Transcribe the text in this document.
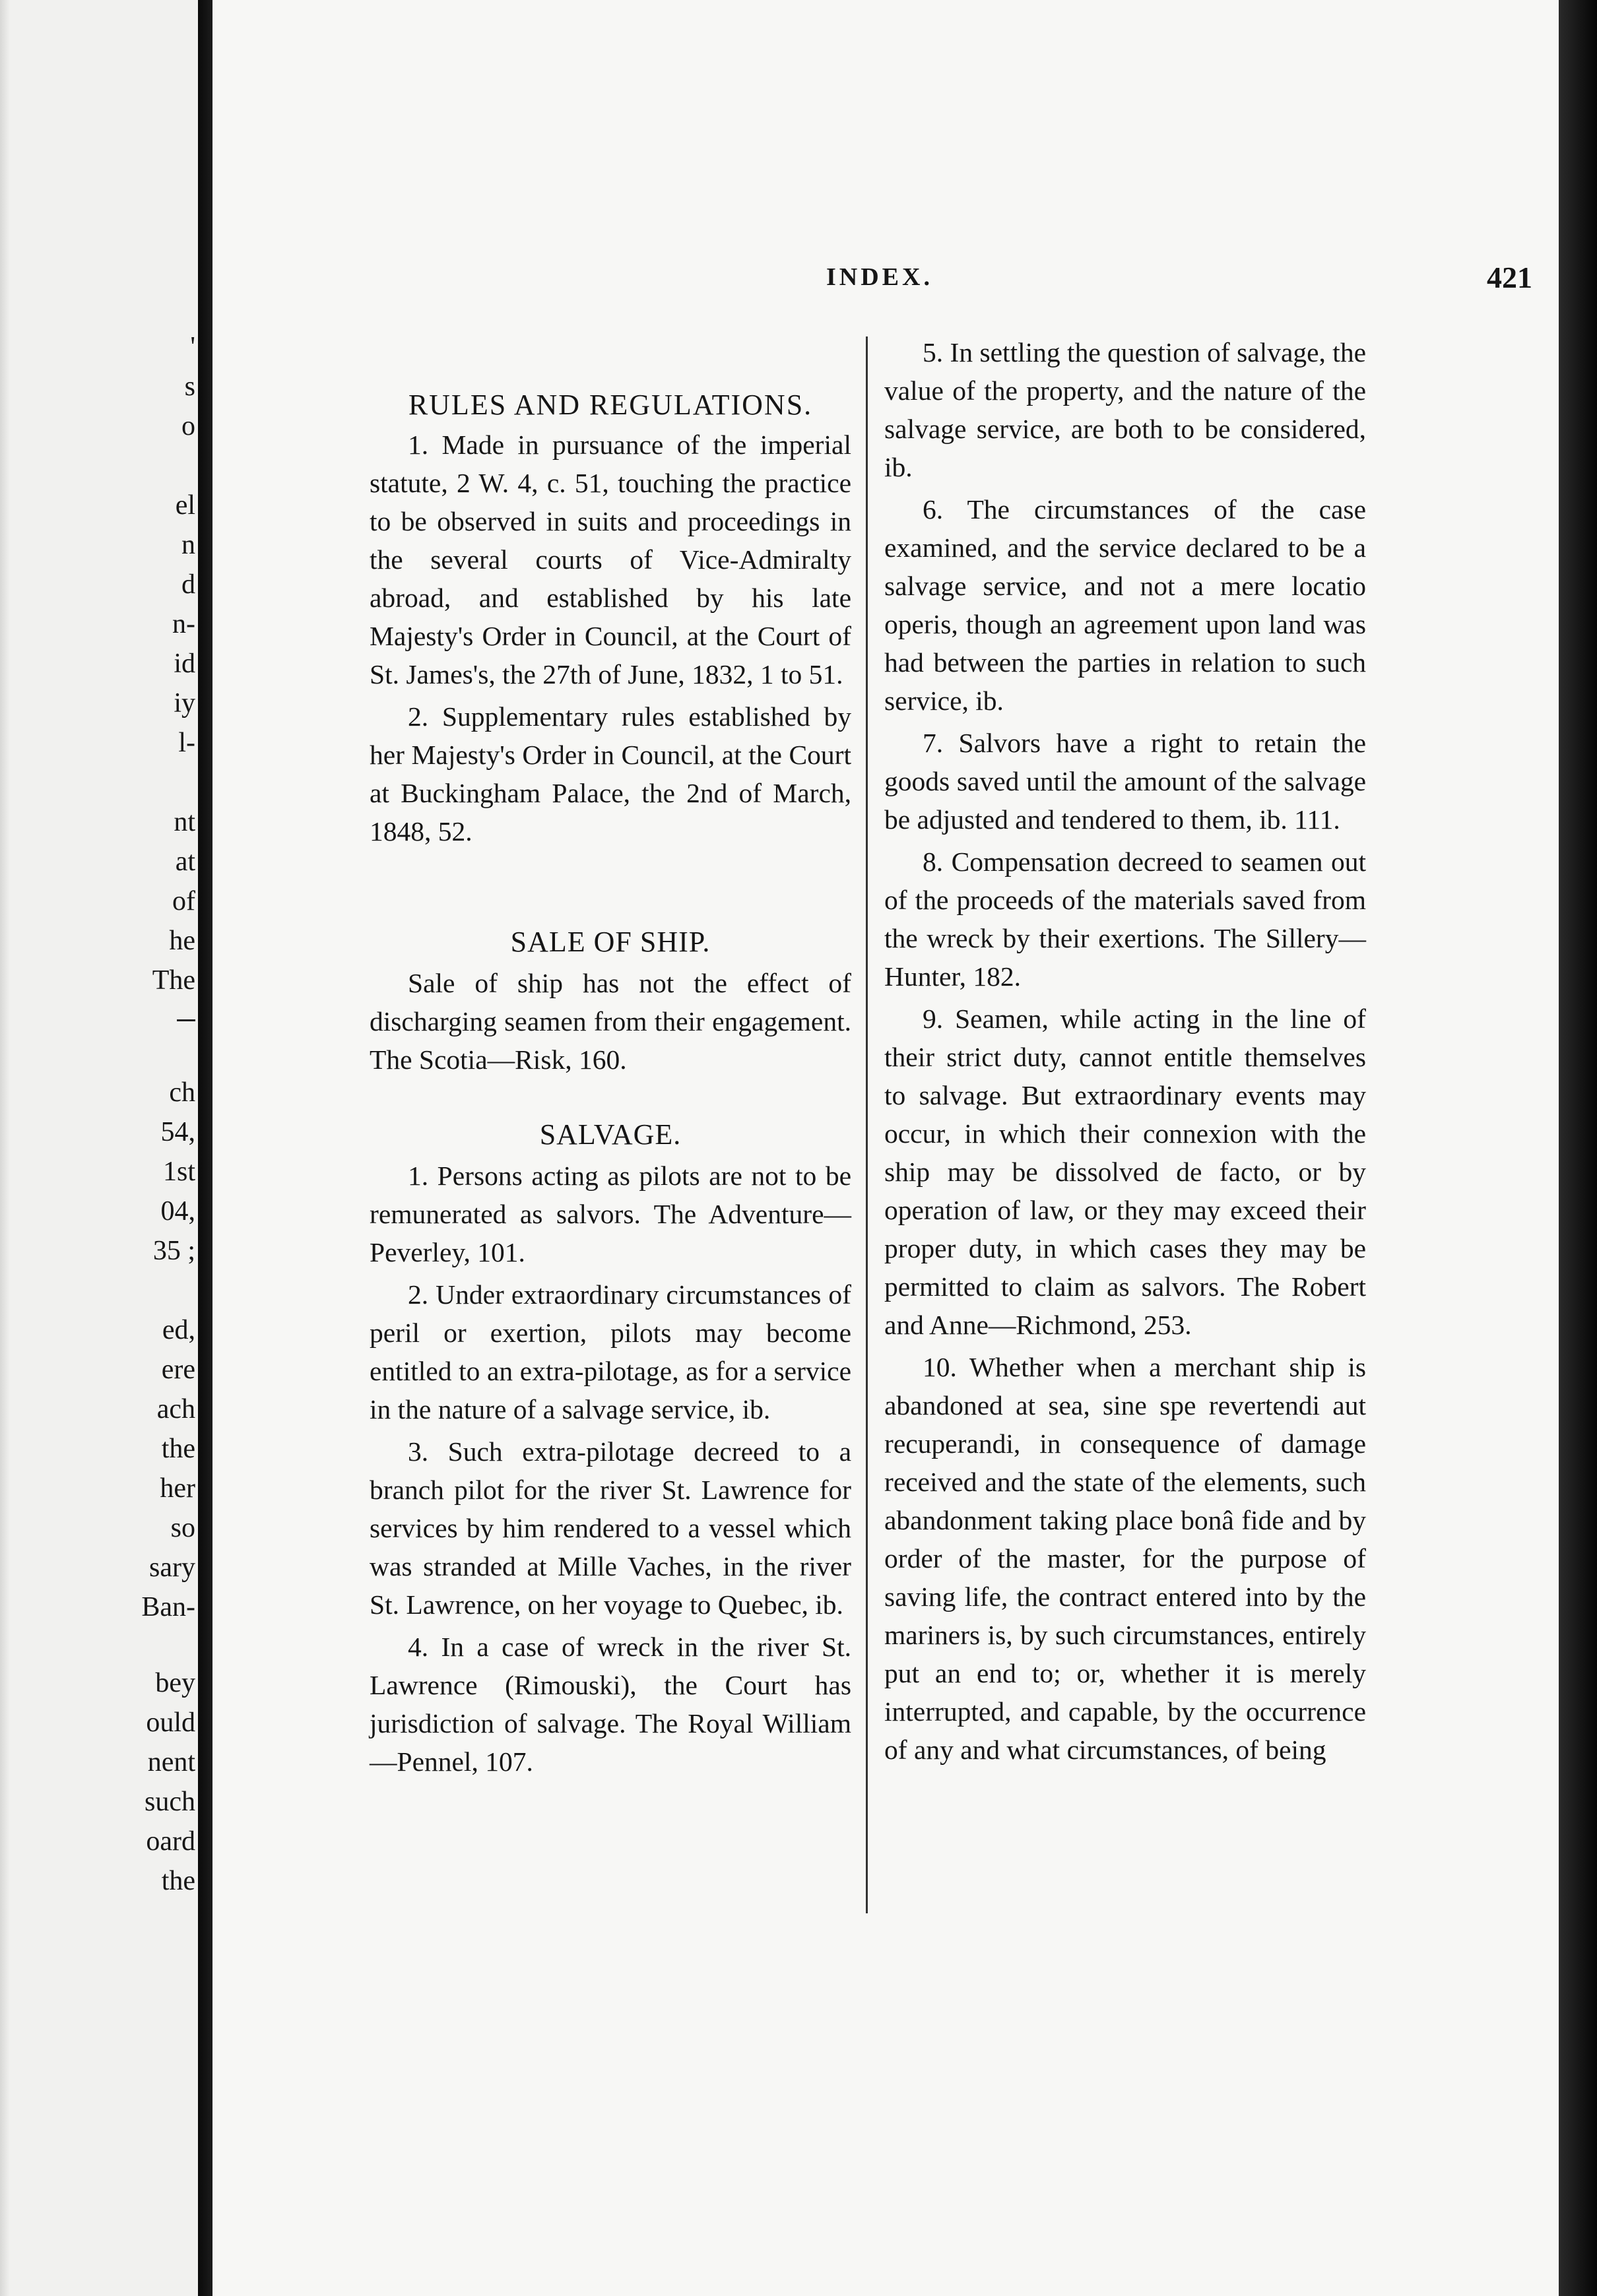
'
s
o
el
n
d
n-
id
iy
l-
nt
at
of
he
The
ch
54,
1st
04,
35 ;
ed,
ere
ach
the
her
so
sary
Ban-
bey
ould
nent
such
oard
the
INDEX.	421
RULES AND REGULATIONS.

1. Made in pursuance of the imperial statute, 2 W. 4, c. 51, touching the practice to be observed in suits and proceedings in the several courts of Vice-Admiralty abroad, and established by his late Majesty's Order in Council, at the Court of St. James's, the 27th of June, 1832, 1 to 51.

2. Supplementary rules established by her Majesty's Order in Council, at the Court at Buckingham Palace, the 2nd of March, 1848, 52.

SALE OF SHIP.

Sale of ship has not the effect of discharging seamen from their engagement. The Scotia—Risk, 160.

SALVAGE.

1. Persons acting as pilots are not to be remunerated as salvors. The Adventure—Peverley, 101.

2. Under extraordinary circumstances of peril or exertion, pilots may become entitled to an extra-pilotage, as for a service in the nature of a salvage service, ib.

3. Such extra-pilotage decreed to a branch pilot for the river St. Lawrence for services by him rendered to a vessel which was stranded at Mille Vaches, in the river St. Lawrence, on her voyage to Quebec, ib.

4. In a case of wreck in the river St. Lawrence (Rimouski), the Court has jurisdiction of salvage. The Royal William—Pennel, 107.

5. In settling the question of salvage, the value of the property, and the nature of the salvage service, are both to be considered, ib.

6. The circumstances of the case examined, and the service declared to be a salvage service, and not a mere locatio operis, though an agreement upon land was had between the parties in relation to such service, ib.

7. Salvors have a right to retain the goods saved until the amount of the salvage be adjusted and tendered to them, ib. 111.

8. Compensation decreed to seamen out of the proceeds of the materials saved from the wreck by their exertions. The Sillery—Hunter, 182.

9. Seamen, while acting in the line of their strict duty, cannot entitle themselves to salvage. But extraordinary events may occur, in which their connexion with the ship may be dissolved de facto, or by operation of law, or they may exceed their proper duty, in which cases they may be permitted to claim as salvors. The Robert and Anne—Richmond, 253.

10. Whether when a merchant ship is abandoned at sea, sine spe revertendi aut recuperandi, in consequence of damage received and the state of the elements, such abandonment taking place bonâ fide and by order of the master, for the purpose of saving life, the contract entered into by the mariners is, by such circumstances, entirely put an end to; or, whether it is merely interrupted, and capable, by the occurrence of any and what circumstances, of being
